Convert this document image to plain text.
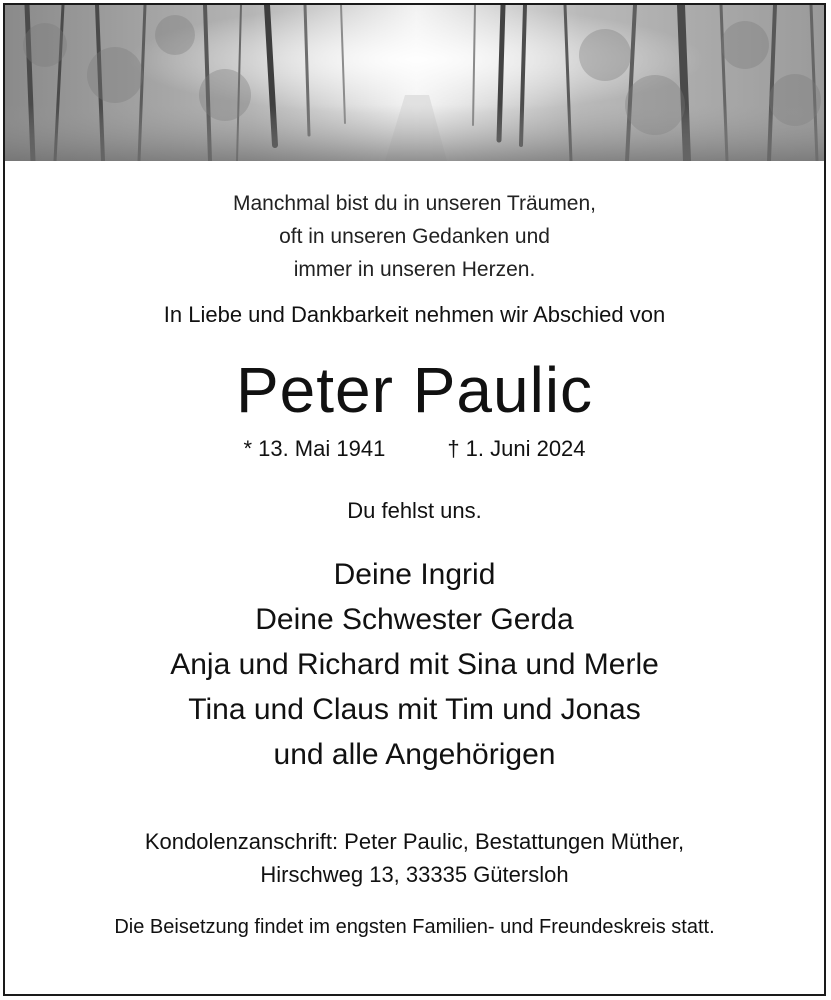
Manchmal bist du in unseren Träumen,
oft in unseren Gedanken und
immer in unseren Herzen.
In Liebe und Dankbarkeit nehmen wir Abschied von
Peter Paulic
* 13. Mai 1941	† 1. Juni 2024
Du fehlst uns.
Deine Ingrid
Deine Schwester Gerda
Anja und Richard mit Sina und Merle
Tina und Claus mit Tim und Jonas
und alle Angehörigen
Kondolenzanschrift: Peter Paulic, Bestattungen Müther,
Hirschweg 13, 33335 Gütersloh
Die Beisetzung findet im engsten Familien- und Freundeskreis statt.
